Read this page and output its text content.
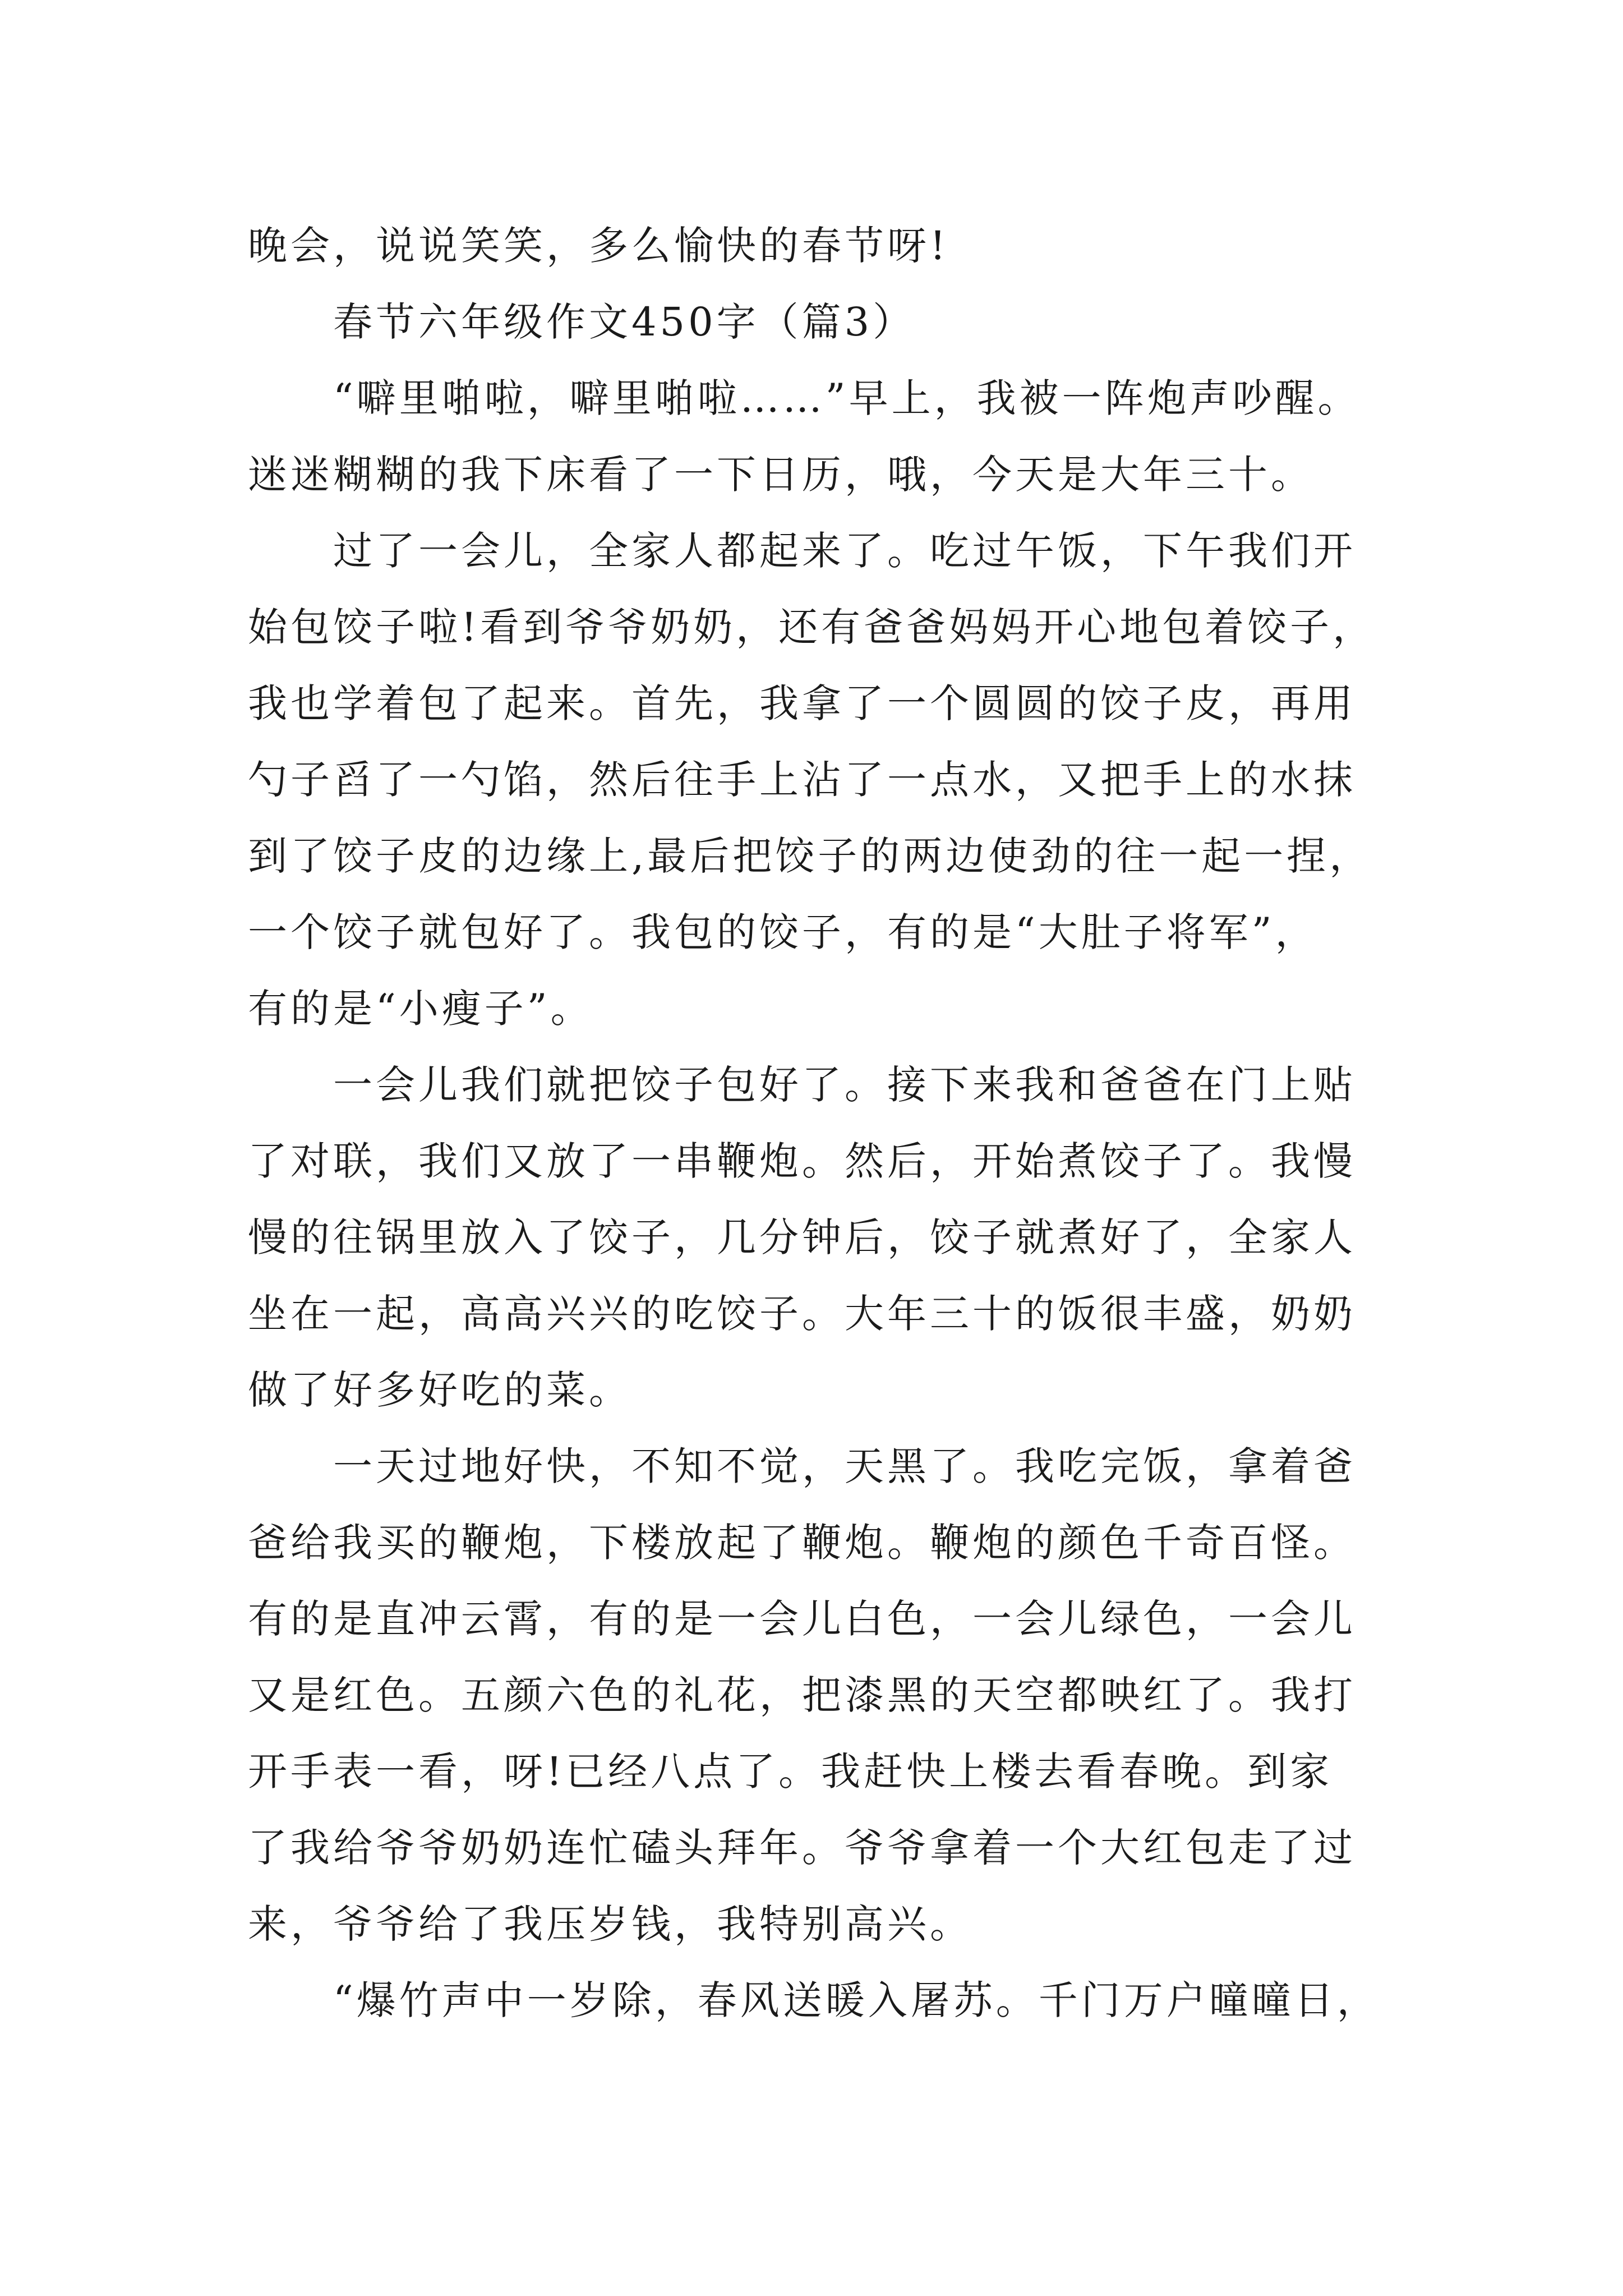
晚会，说说笑笑，多么愉快的春节呀!
春节六年级作文450字（篇3）
“噼里啪啦，噼里啪啦……”早上，我被一阵炮声吵醒。
迷迷糊糊的我下床看了一下日历，哦，今天是大年三十。
过了一会儿，全家人都起来了。吃过午饭，下午我们开
始包饺子啦!看到爷爷奶奶，还有爸爸妈妈开心地包着饺子，
我也学着包了起来。首先，我拿了一个圆圆的饺子皮，再用
勺子舀了一勺馅，然后往手上沾了一点水，又把手上的水抹
到了饺子皮的边缘上,最后把饺子的两边使劲的往一起一捏，
一个饺子就包好了。我包的饺子，有的是“大肚子将军”，
有的是“小瘦子”。
一会儿我们就把饺子包好了。接下来我和爸爸在门上贴
了对联，我们又放了一串鞭炮。然后，开始煮饺子了。我慢
慢的往锅里放入了饺子，几分钟后，饺子就煮好了，全家人
坐在一起，高高兴兴的吃饺子。大年三十的饭很丰盛，奶奶
做了好多好吃的菜。
一天过地好快，不知不觉，天黑了。我吃完饭，拿着爸
爸给我买的鞭炮，下楼放起了鞭炮。鞭炮的颜色千奇百怪。
有的是直冲云霄，有的是一会儿白色，一会儿绿色，一会儿
又是红色。五颜六色的礼花，把漆黑的天空都映红了。我打
开手表一看，呀!已经八点了。我赶快上楼去看春晚。到家
了我给爷爷奶奶连忙磕头拜年。爷爷拿着一个大红包走了过
来，爷爷给了我压岁钱，我特别高兴。
“爆竹声中一岁除，春风送暖入屠苏。千门万户曈曈日，
